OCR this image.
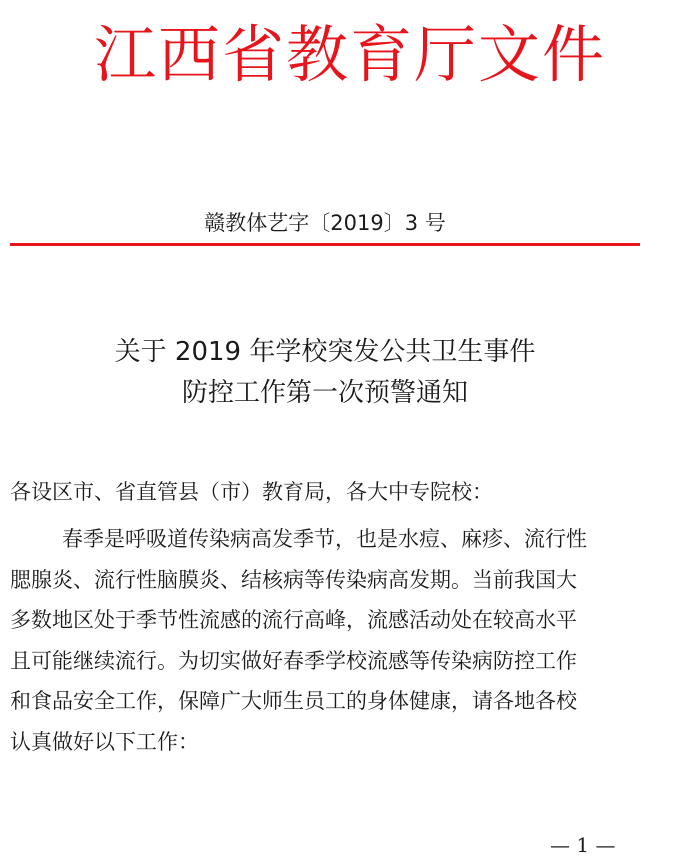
江西省教育厅文件
赣教体艺字〔2019〕3 号
关于 2019 年学校突发公共卫生事件
防控工作第一次预警通知
各设区市、省直管县（市）教育局，各大中专院校：
春季是呼吸道传染病高发季节，也是水痘、麻疹、流行性
腮腺炎、流行性脑膜炎、结核病等传染病高发期。当前我国大
多数地区处于季节性流感的流行高峰，流感活动处在较高水平
且可能继续流行。为切实做好春季学校流感等传染病防控工作
和食品安全工作，保障广大师生员工的身体健康，请各地各校
认真做好以下工作：
— 1 —
